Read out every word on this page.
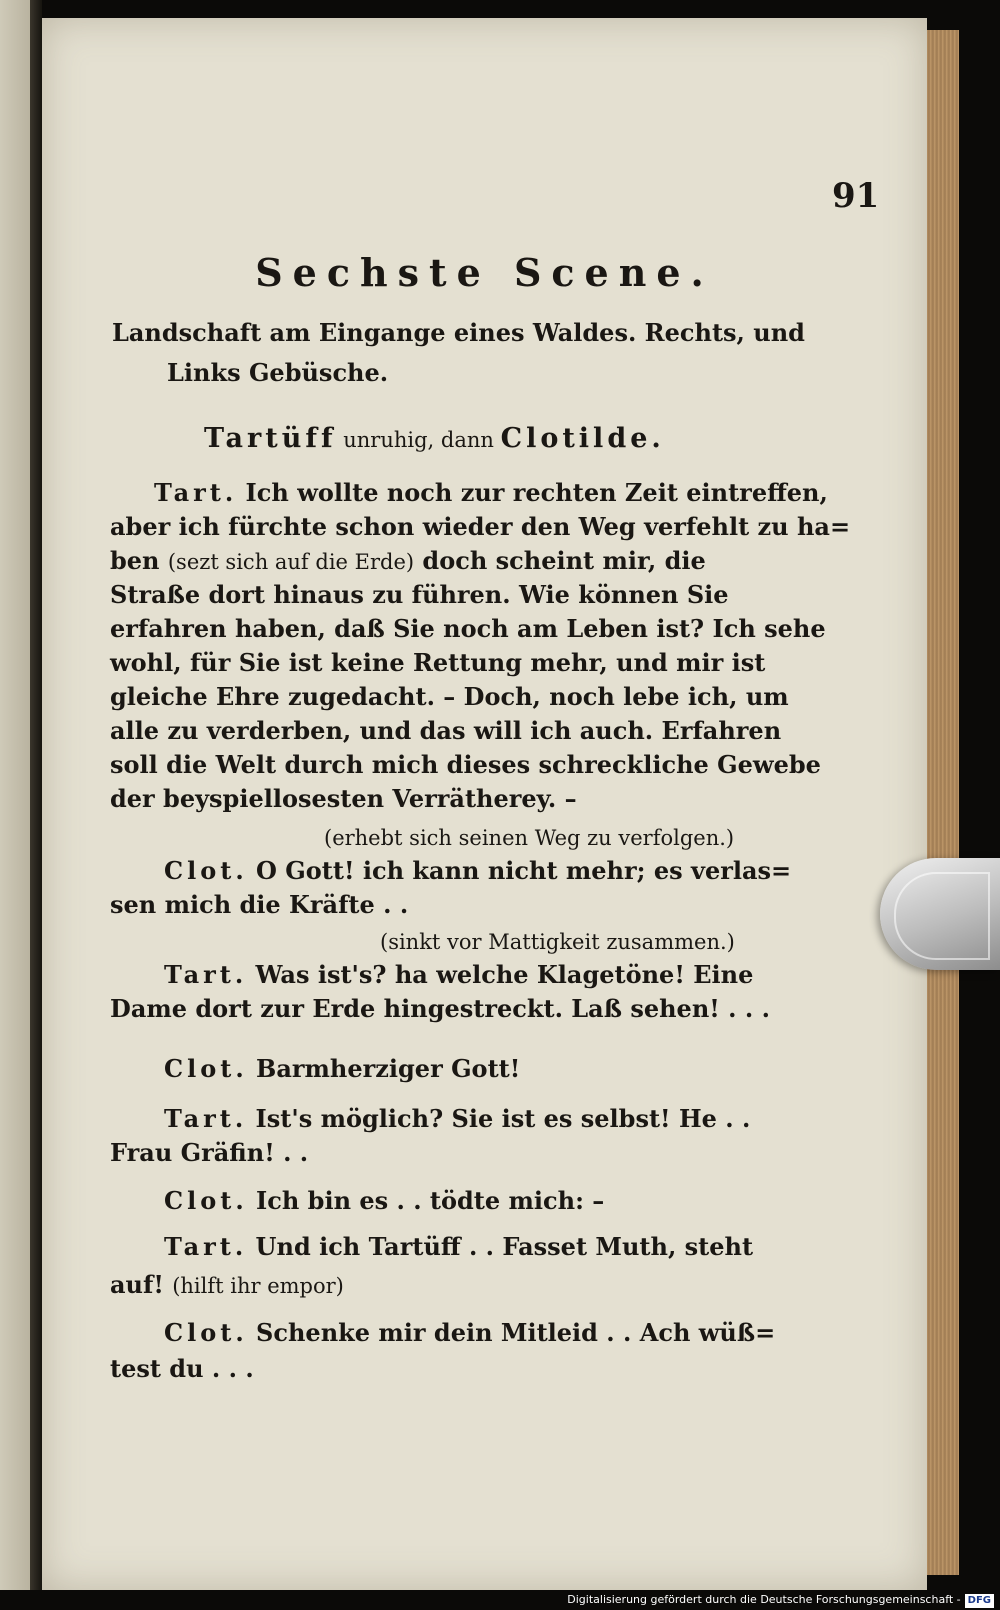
91
Sechste Scene.
Landschaft am Eingange eines Waldes. Rechts, und
Links Gebüsche.
Tartüff unruhig, dann Clotilde.
Tart. Ich wollte noch zur rechten Zeit eintreffen,
aber ich fürchte schon wieder den Weg verfehlt zu ha=
ben (sezt sich auf die Erde) doch scheint mir, die
Straße dort hinaus zu führen. Wie können Sie
erfahren haben, daß Sie noch am Leben ist? Ich sehe
wohl, für Sie ist keine Rettung mehr, und mir ist
gleiche Ehre zugedacht. – Doch, noch lebe ich, um
alle zu verderben, und das will ich auch. Erfahren
soll die Welt durch mich dieses schreckliche Gewebe
der beyspiellosesten Verrätherey. –
(erhebt sich seinen Weg zu verfolgen.)
Clot. O Gott! ich kann nicht mehr; es verlas=
sen mich die Kräfte . .
(sinkt vor Mattigkeit zusammen.)
Tart. Was ist's? ha welche Klagetöne! Eine
Dame dort zur Erde hingestreckt. Laß sehen! . . .
Clot. Barmherziger Gott!
Tart. Ist's möglich? Sie ist es selbst! He . .
Frau Gräfin! . .
Clot. Ich bin es . . tödte mich: –
Tart. Und ich Tartüff . . Fasset Muth, steht
auf! (hilft ihr empor)
Clot. Schenke mir dein Mitleid . . Ach wüß=
test du . . .
Digitalisierung gefördert durch die Deutsche Forschungsgemeinschaft - DFG
